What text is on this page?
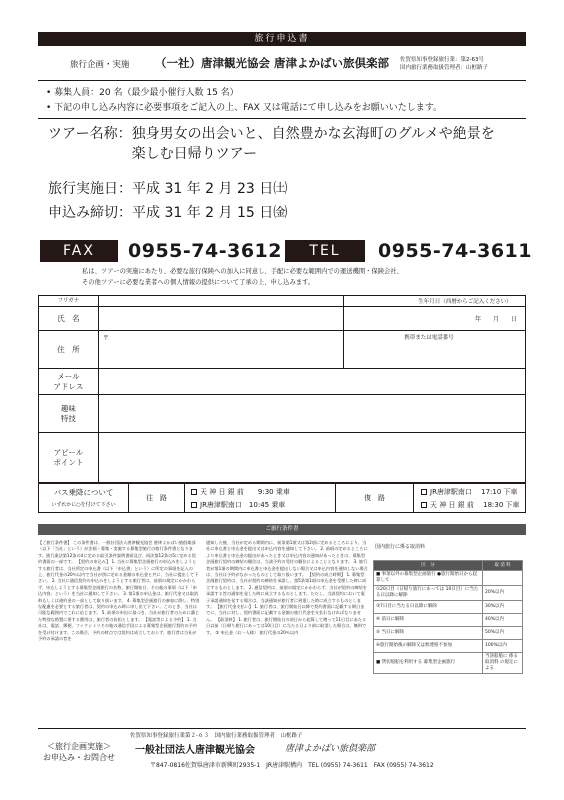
旅行申込書
旅行企画・実施 （一社）唐津観光協会 唐津よかばい旅倶楽部 佐賀県知事登録旅行業：第2-63号
国内旅行業務取扱管理者：山框路子
• 募集人員：20 名（最少最小催行人数 15 名）
• 下記の申し込み内容に必要事項をご記入の上、FAX 又は電話にて申し込みをお願いいたします。
ツアー名称： 独身男女の出会いと、自然豊かな玄海町のグルメや絶景を
楽しむ日帰りツアー
旅行実施日：平成 31 年 2 月 23 日㈯
申込み締切：平成 31 年 2 月 15 日㈮
FAX	0955-74-3612	TEL	0955-74-3611
私は、ツアーの実施にあたり、必要な旅行保険への加入に同意し、手配に必要な範囲内での運送機関・保険会社、
その他ツアーに必要な業者への個人情報の提供について了承の上、申し込みます。
フリガナ		生年月日（西暦からご記入ください）
氏　名		年　　月　　日
住　所	〒	携帯または電話番号

メール
アドレス		

趣味
特技		

アピール
ポイント		

バス乗降について
いずれかに○を付けて下さい
往　路
天 神 日 銀 前　　9:30 乗車
JR唐津駅南口　10:45 乗車
復　路
JR唐津駅南口　 17:10 下車
天 神 日 銀 前　 18:30 下車
ご旅行条件書
【ご旅行条件書】 この条件書は、一般社団法人唐津観光協会 唐津よかばい旅倶楽部（以下「当社」という）が企画・募集・実施する募集型旅行の旅行条件書となります。旅行業法第12条の4に定める取引条件説明書面及び、同法第12条の5に定める契約書面の一部です。 【契約の申込み】 1. 当社に募集型企画旅行の申込みをしようとする旅行者は、当社所定の申込書（以下「申込書」という）に所定の事項を記入の上、旅行代金の20％以内で当社が別に定める金額の申込金と共に、当社に提出して下さい。 2. 当社に通信契約の申込みをしようとする旅行者は、前項の規定にかかわらず、申込しようとする募集型企画旅行の名称、旅行開始日、その他の事項（以下「申込内容」という）を当社に通知して下さい。 3. 第1項の申込金は、旅行代金又は取消料もしくは違約金の一部として取り扱います。 4. 募集型企画旅行の参加に際し、特別な配慮を必要とする旅行者は、契約の申込み時に申し出て下さい。このとき、当社は可能な範囲内でこれに応じます。 5. 前項の申出に基づき、当社が旅行者のために講じた特別な措置に要する費用は、旅行者の負担とします。 【電話等による予約】 1. 当社は、電話、郵便、ファクシミリその他の通信手段による募集型企画旅行契約の予約を受け付けます。この場合、予約の時点では契約は成立しておらず、旅行者は当社が予約の承諾の旨を
通知した後、当社が定める期間内に、前条第1項又は第2項に定めるところにより、当社に申込書と申込金を提出又は申込内容を通知して下さい。 2. 前項の定めるところにより申込書と申込金の提出があったとき又は申込内容の通知があったときは、募集型企画旅行契約の締結の順位は、当該予約の受付の順位によることとなります。 3. 旅行者が第1項の期間内に申込書と申込金を提出しない場合又は申込内容を通知しない場合は、当社は予約がなかったものとして取り扱います。 【契約の成立時期】 1. 募集型企画旅行契約は、当社が契約の締結を承諾し、第5条第1項の申込金を受理した時に成立するものとします。 2. 通信契約は、前項の規定にかかわらず、当社が契約の締結を承諾する旨の通知を発した時に成立するものとします。ただし、当該契約において電子承諾通知を発する場合は、当該通知が旅行者に到達した時に成立するものとします。 【旅行代金支払い】 1. 旅行者は、旅行開始日以降で契約書面に記載する期日までに、当社に対し、契約書面に記載する金額の旅行代金を支払わなければなりません。 【取消料】 1. 旅行者は、旅行開始日の前日から起算して遡って11日目にあたる日以前（日帰り旅行にあっては10日目）に当たる日より前に取消した場合は、無料です。 ③ 申込金（お一人様） 旅行代金の20％以内
国内旅行に係る取消料
区　分	取 消 料
■ 事項以外の募集型企画旅行 ●旅行開始日から起算して	
①20日目（日帰り旅行にあっては 10日目）に当たる日以降に解除	20%以内
③7日目に当たる日以降に解除	30%以内
④ 前日に解除	40%以内
⑤ 当日に解除	50%以内
⑥旅行開始後の解除又は無連絡不参加	100%以内
■ 貸切船舶を利用する 募集型企画旅行	当該船舶に 係る取消料 の規定による
佐賀県知事登録旅行業第２-６３　国内旅行業務取扱管理者　山框路子
＜旅行企画実施＞
お申込み・お問合せ
一般社団法人唐津観光協会	唐津よかばい旅倶楽部
〒847-0816佐賀県唐津市新興町2935-1　JR唐津駅構内　TEL (0955) 74-3611　FAX (0955) 74-3612
